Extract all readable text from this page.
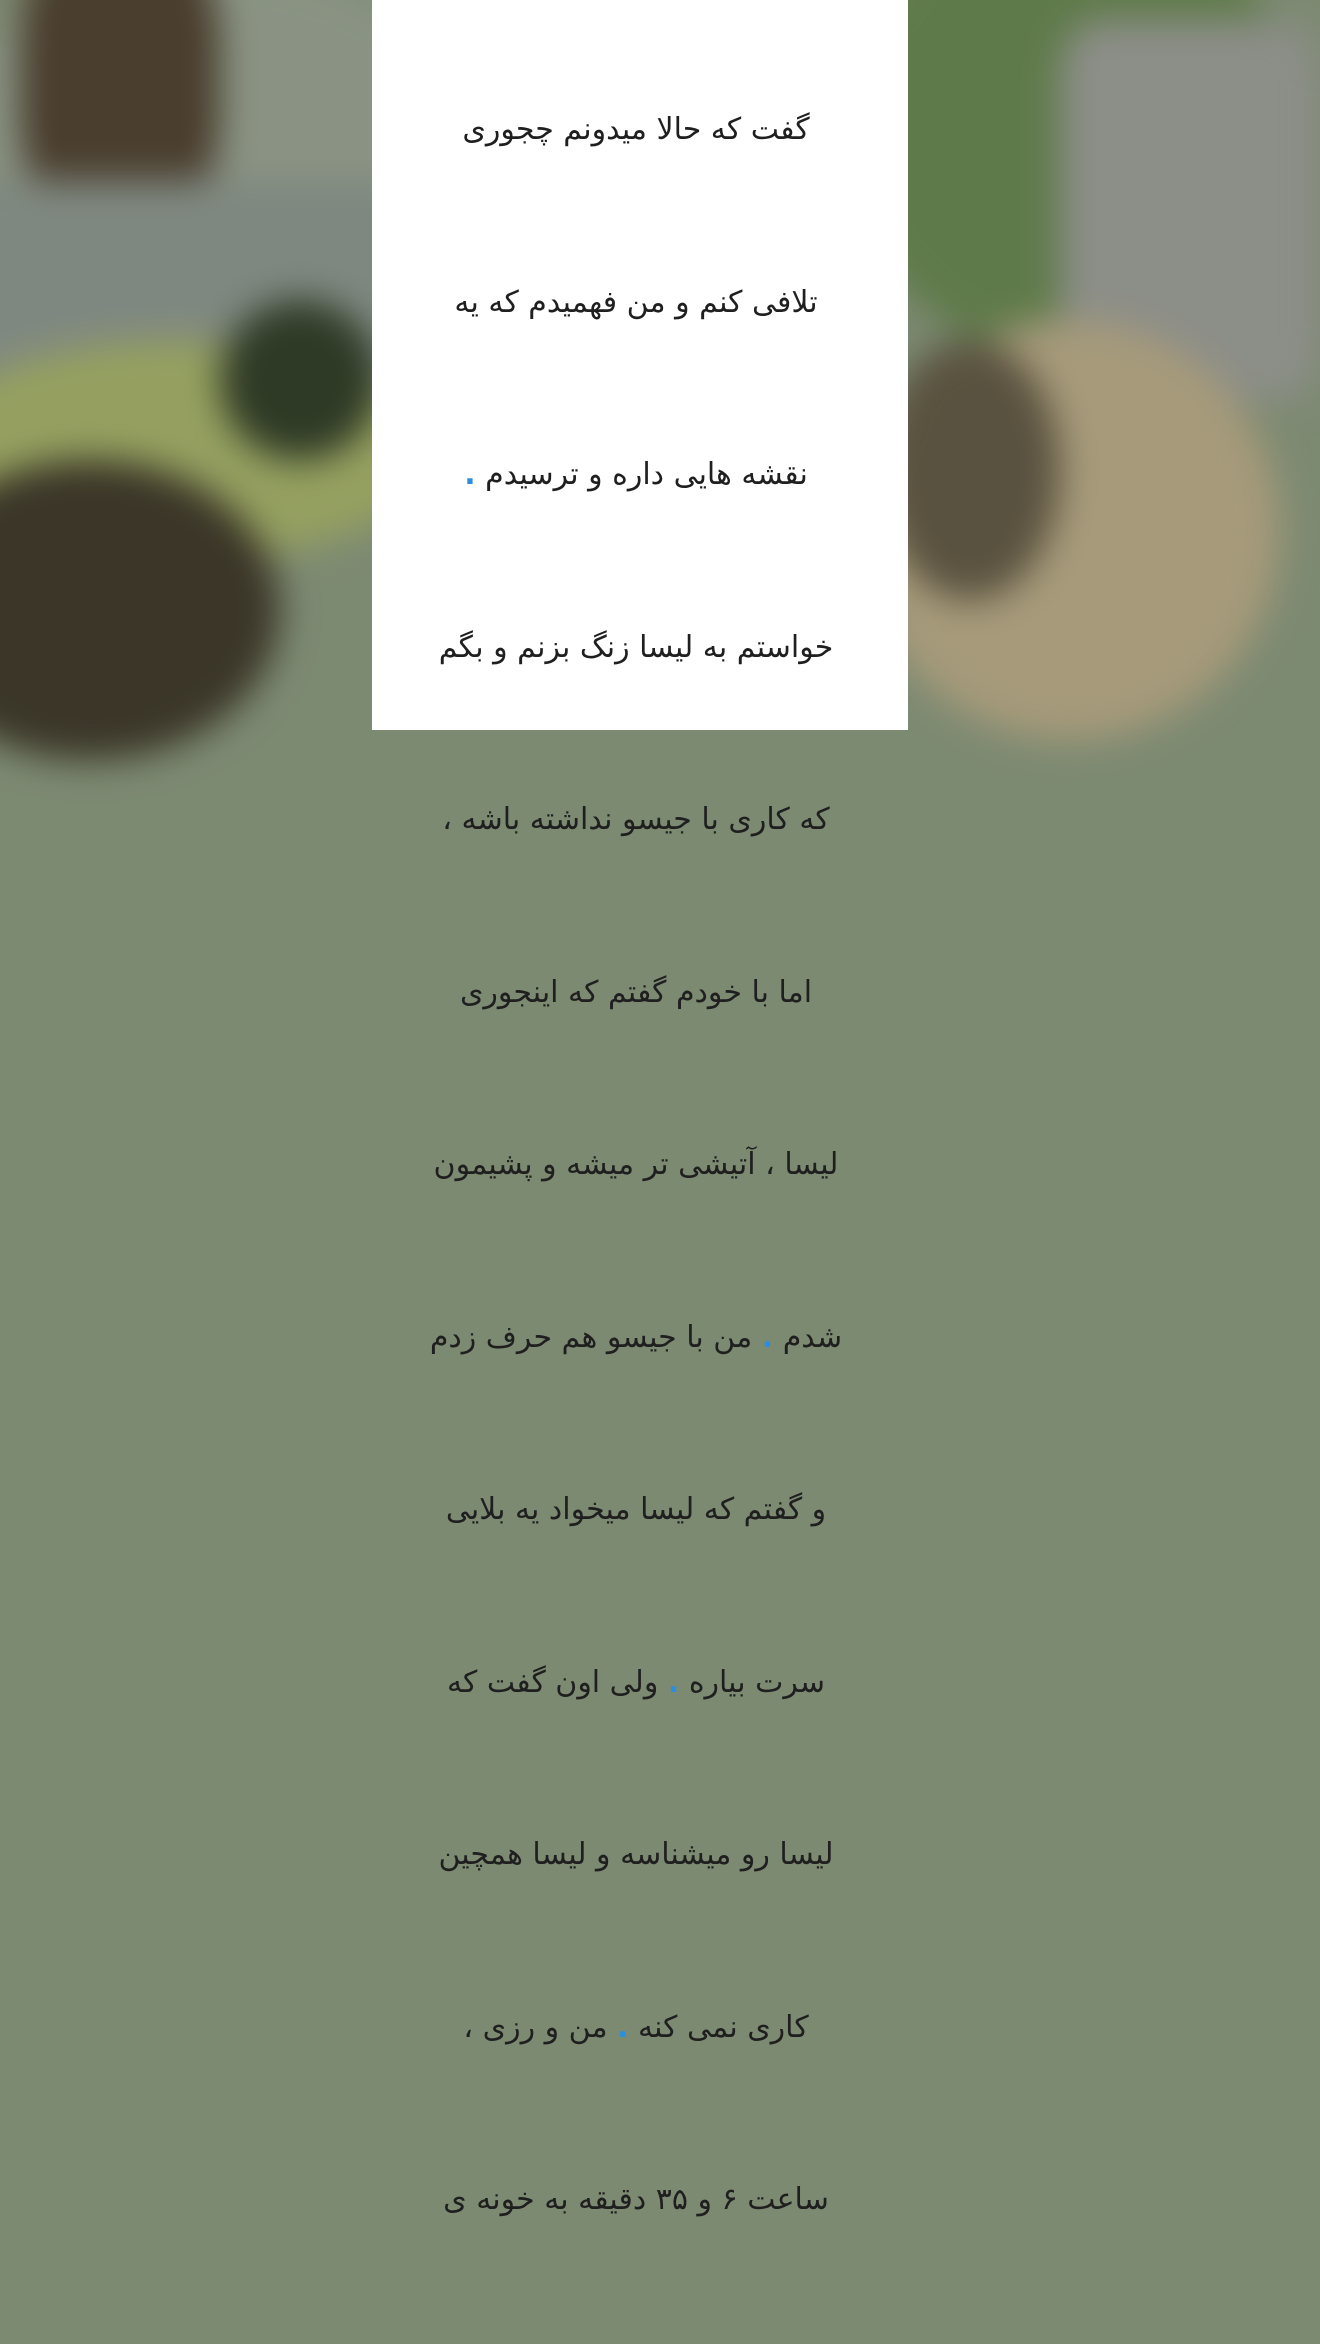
گفت که حالا میدونم چجوری

تلافی کنم و من فهمیدم که یه

نقشه هایی داره و ترسیدم .

خواستم به لیسا زنگ بزنم و بگم

که کاری با جیسو نداشته باشه ،

اما با خودم گفتم که اینجوری

لیسا ، آتیشی تر میشه و پشیمون

شدم . من با جیسو هم حرف زدم

و گفتم که لیسا میخواد یه بلایی

سرت بیاره . ولی اون گفت که

لیسا رو میشناسه و لیسا همچین

کاری نمی کنه . من و رزی ،

ساعت ۶ و ۳۵ دقیقه به خونه ی
